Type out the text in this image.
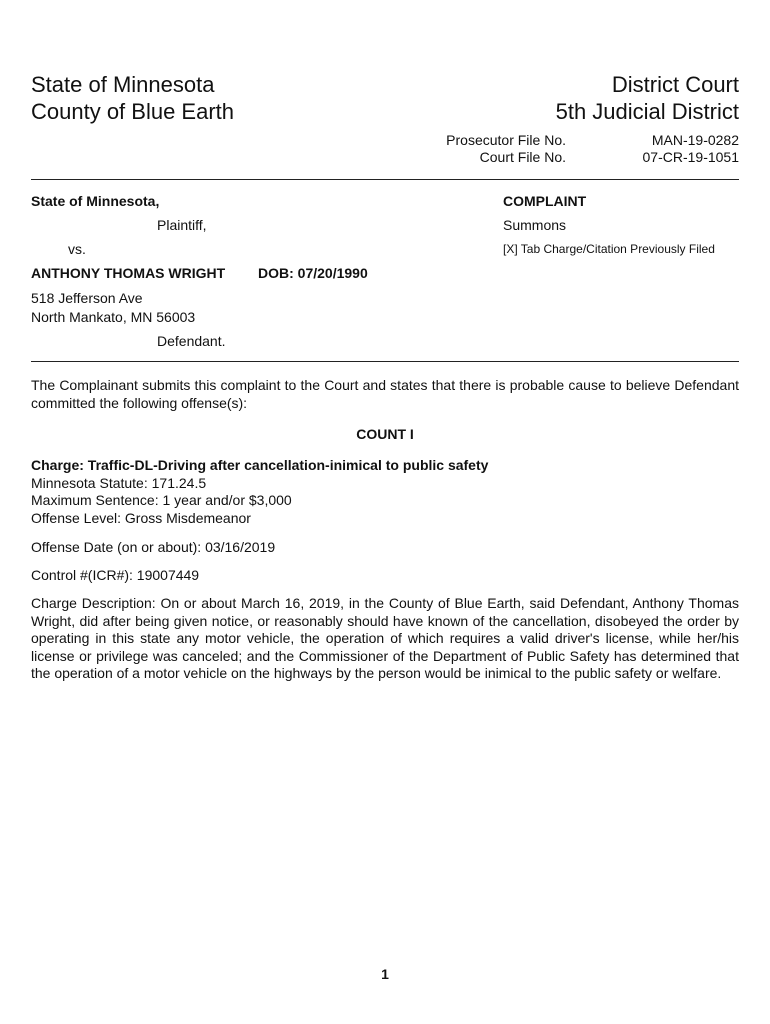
State of Minnesota
County of Blue Earth
District Court
5th Judicial District
Prosecutor File No.	MAN-19-0282
Court File No.	07-CR-19-1051
State of Minnesota,
Plaintiff,
vs.
ANTHONY THOMAS WRIGHT DOB: 07/20/1990
518 Jefferson Ave
North Mankato, MN 56003
Defendant.
COMPLAINT
Summons
[X] Tab Charge/Citation Previously Filed
The Complainant submits this complaint to the Court and states that there is probable cause to believe Defendant committed the following offense(s):
COUNT I
Charge: Traffic-DL-Driving after cancellation-inimical to public safety
Minnesota Statute: 171.24.5
Maximum Sentence: 1 year and/or $3,000
Offense Level: Gross Misdemeanor
Offense Date (on or about): 03/16/2019
Control #(ICR#): 19007449
Charge Description: On or about March 16, 2019, in the County of Blue Earth, said Defendant, Anthony Thomas Wright, did after being given notice, or reasonably should have known of the cancellation, disobeyed the order by operating in this state any motor vehicle, the operation of which requires a valid driver's license, while her/his license or privilege was canceled; and the Commissioner of the Department of Public Safety has determined that the operation of a motor vehicle on the highways by the person would be inimical to the public safety or welfare.
1
